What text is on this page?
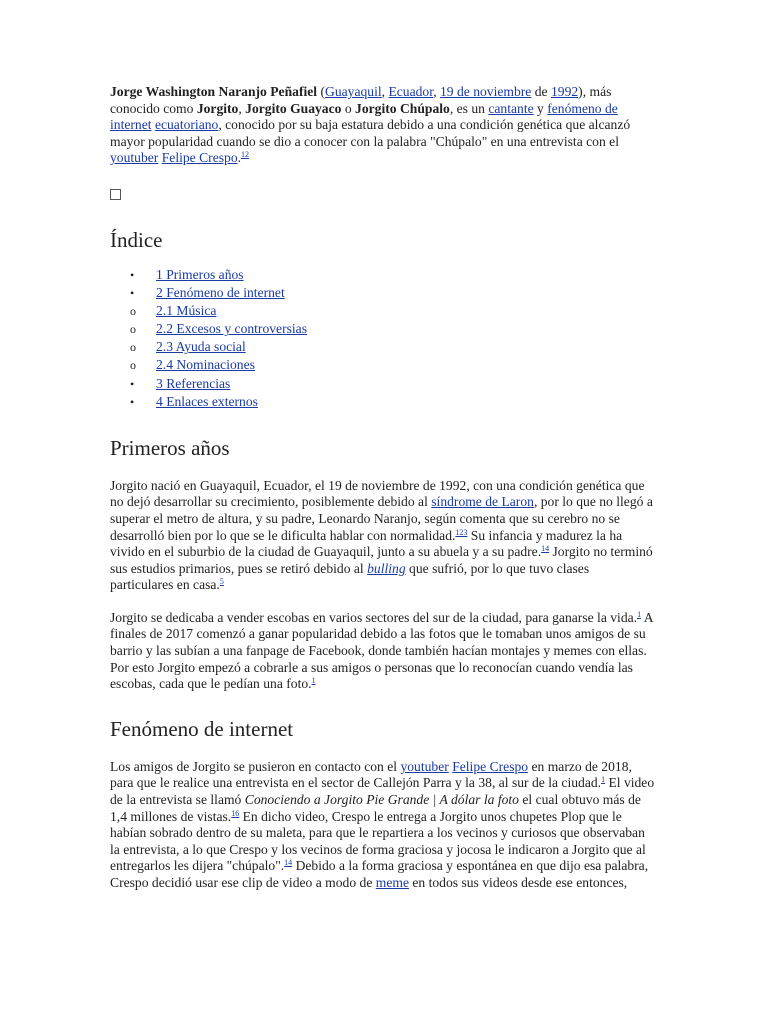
Jorge Washington Naranjo Peñafiel (Guayaquil, Ecuador, 19 de noviembre de 1992), más conocido como Jorgito, Jorgito Guayaco o Jorgito Chúpalo, es un cantante y fenómeno de internet ecuatoriano, conocido por su baja estatura debido a una condición genética que alcanzó mayor popularidad cuando se dio a conocer con la palabra "Chúpalo" en una entrevista con el youtuber Felipe Crespo.$^{12}$

Índice
• 1 Primeros años
• 2 Fenómeno de internet
o 2.1 Música
o 2.2 Excesos y controversias
o 2.3 Ayuda social
o 2.4 Nominaciones
• 3 Referencias
• 4 Enlaces externos
Primeros años

Jorgito nació en Guayaquil, Ecuador, el 19 de noviembre de 1992, con una condición genética que no dejó desarrollar su crecimiento, posiblemente debido al síndrome de Laron, por lo que no llegó a superar el metro de altura, y su padre, Leonardo Naranjo, según comenta que su cerebro no se desarrolló bien por lo que se le dificulta hablar con normalidad.$^{123}$ Su infancia y madurez la ha vivido en el suburbio de la ciudad de Guayaquil, junto a su abuela y a su padre.$^{14}$ Jorgito no terminó sus estudios primarios, pues se retiró debido al bulling que sufrió, por lo que tuvo clases particulares en casa.$^5$

Jorgito se dedicaba a vender escobas en varios sectores del sur de la ciudad, para ganarse la vida.$^1$ A finales de 2017 comenzó a ganar popularidad debido a las fotos que le tomaban unos amigos de su barrio y las subían a una fanpage de Facebook, donde también hacían montajes y memes con ellas. Por esto Jorgito empezó a cobrarle a sus amigos o personas que lo reconocían cuando vendía las escobas, cada que le pedían una foto.$^1$

Fenómeno de internet

Los amigos de Jorgito se pusieron en contacto con el youtuber Felipe Crespo en marzo de 2018, para que le realice una entrevista en el sector de Callejón Parra y la 38, al sur de la ciudad.$^1$ El video de la entrevista se llamó Conociendo a Jorgito Pie Grande | A dólar la foto el cual obtuvo más de 1,4 millones de vistas.$^{16}$ En dicho video, Crespo le entrega a Jorgito unos chupetes Plop que le habían sobrado dentro de su maleta, para que le repartiera a los vecinos y curiosos que observaban la entrevista, a lo que Crespo y los vecinos de forma graciosa y jocosa le indicaron a Jorgito que al entregarlos les dijera "chúpalo".$^{14}$ Debido a la forma graciosa y espontánea en que dijo esa palabra, Crespo decidió usar ese clip de video a modo de meme en todos sus videos desde ese entonces,
